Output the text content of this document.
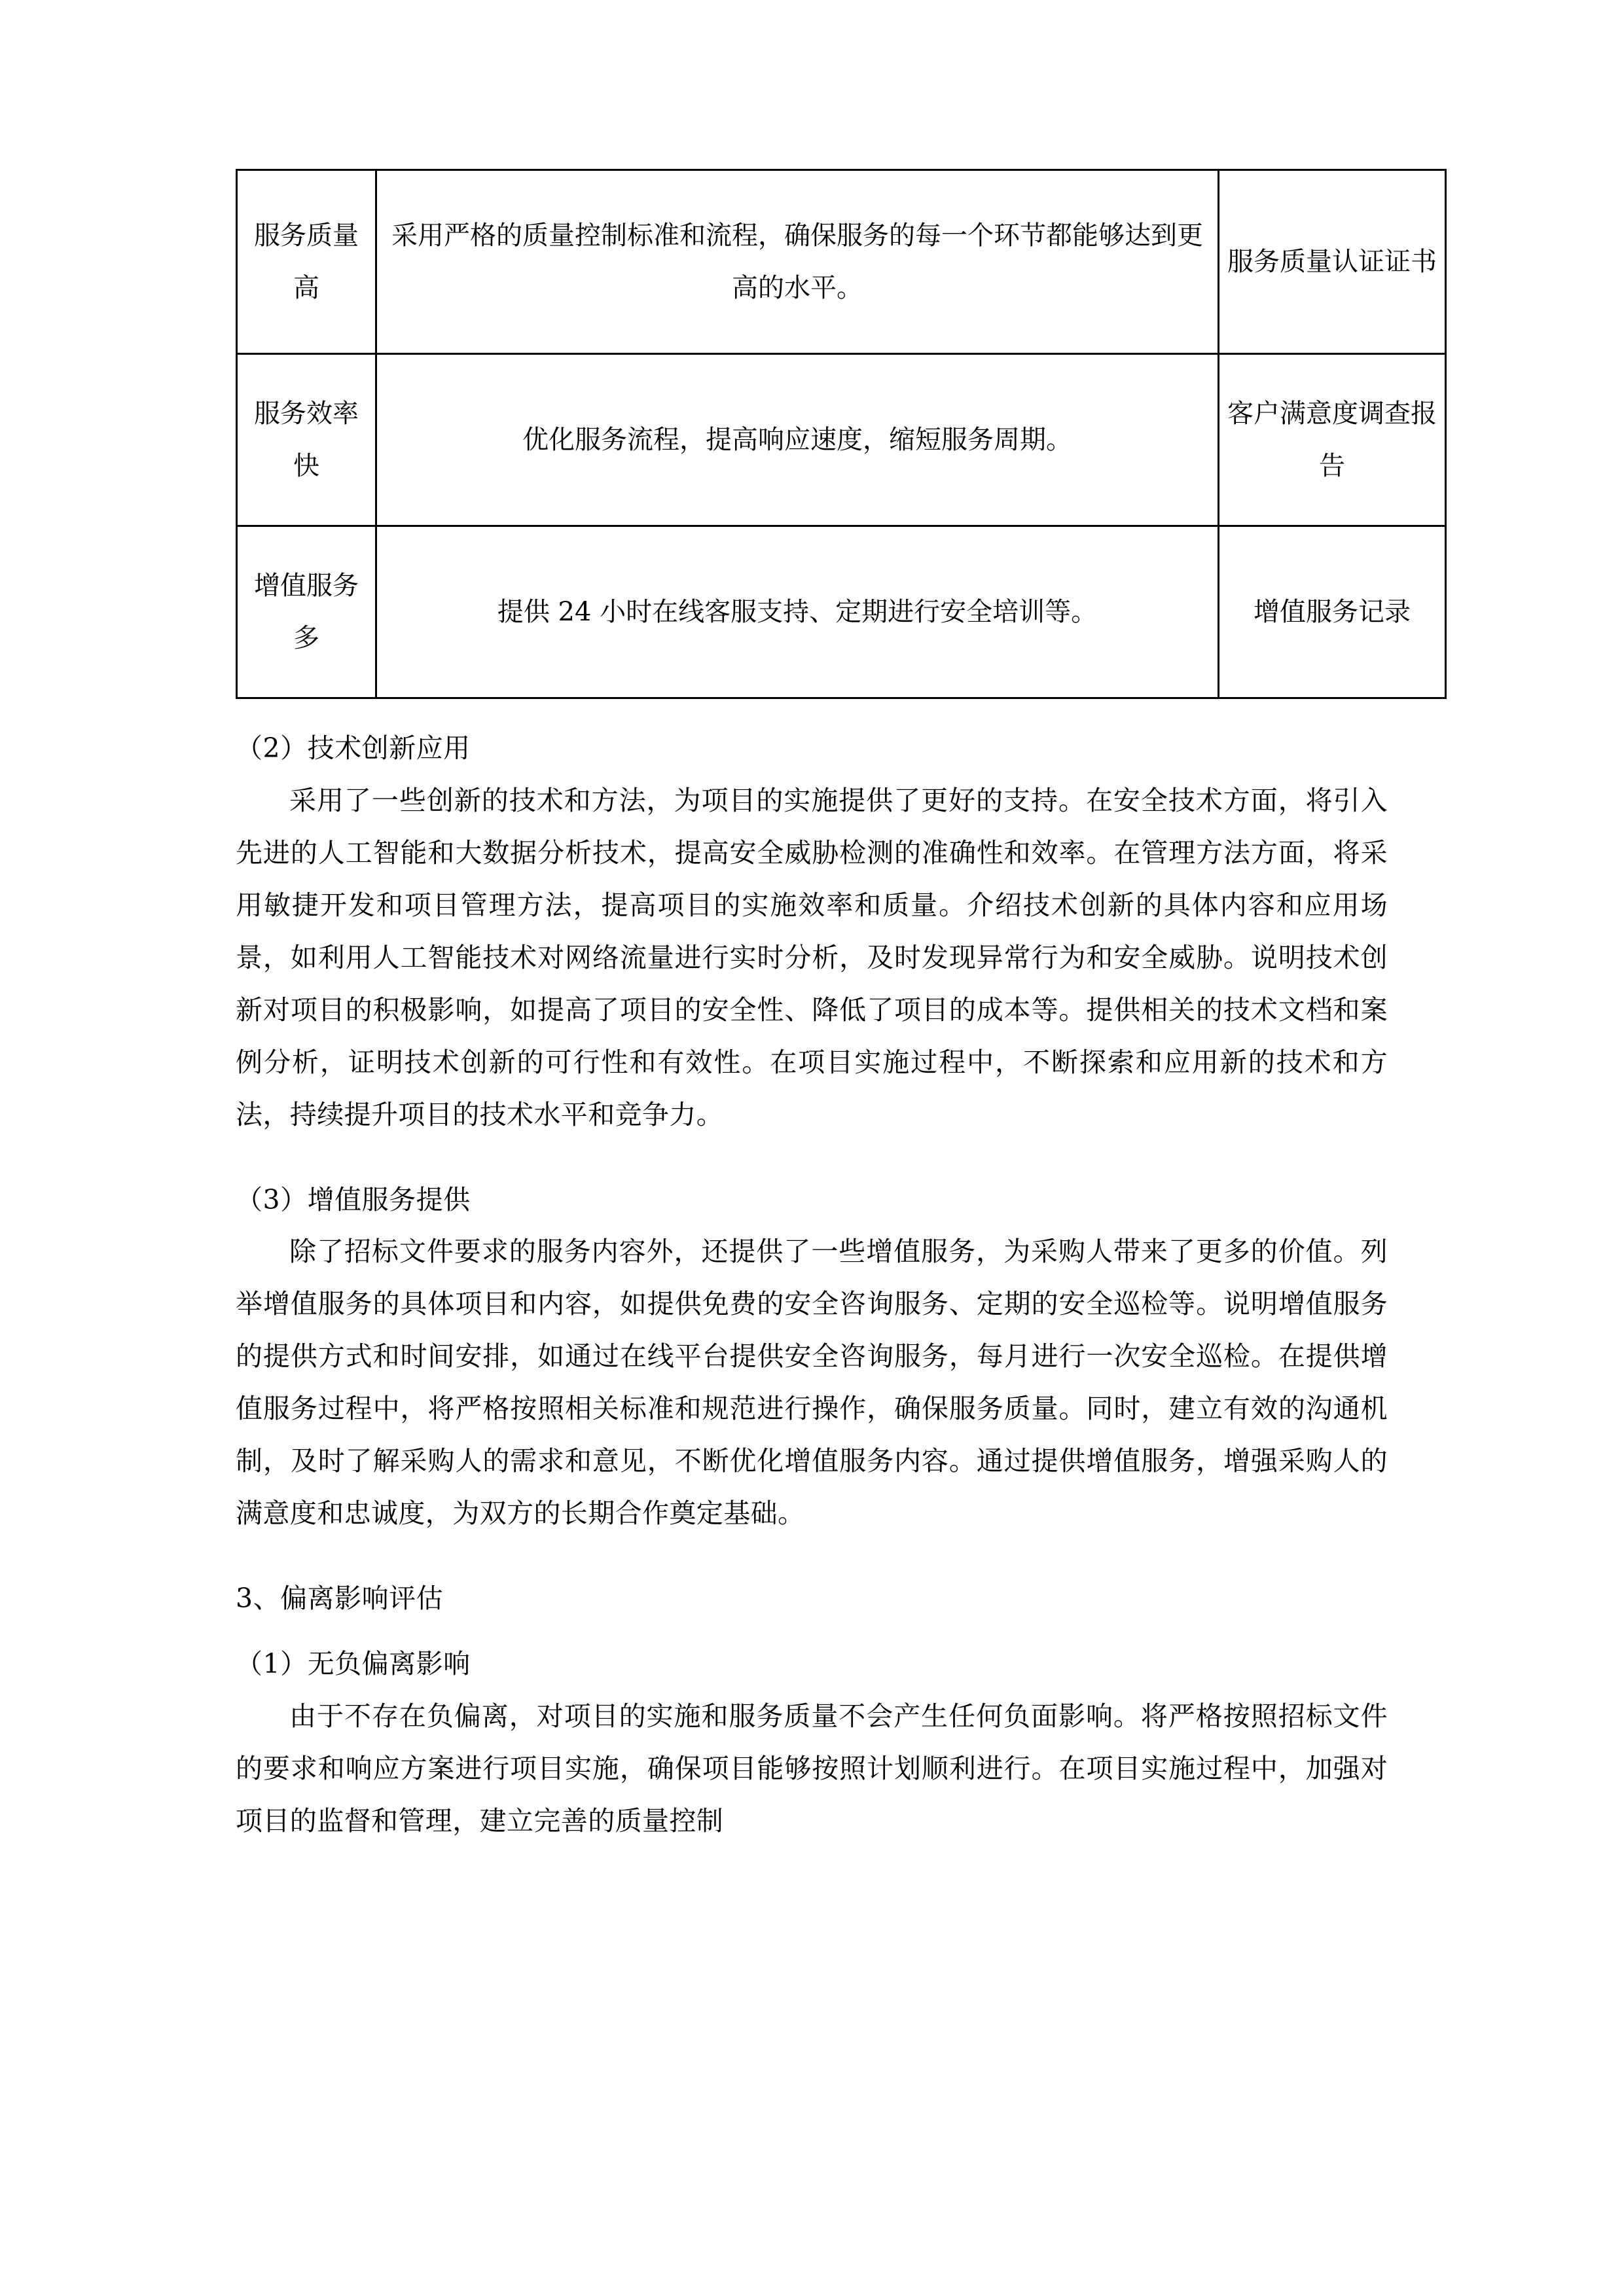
服务质量高	采用严格的质量控制标准和流程，确保服务的每一个环节都能够达到更高的水平。	服务质量认证证书

服务效率快	优化服务流程，提高响应速度，缩短服务周期。	客户满意度调查报告

增值服务多	提供 24 小时在线客服支持、定期进行安全培训等。	增值服务记录
（2）技术创新应用

采用了一些创新的技术和方法，为项目的实施提供了更好的支持。在安全技术方面，将引入先进的人工智能和大数据分析技术，提高安全威胁检测的准确性和效率。在管理方法方面，将采用敏捷开发和项目管理方法，提高项目的实施效率和质量。介绍技术创新的具体内容和应用场景，如利用人工智能技术对网络流量进行实时分析，及时发现异常行为和安全威胁。说明技术创新对项目的积极影响，如提高了项目的安全性、降低了项目的成本等。提供相关的技术文档和案例分析，证明技术创新的可行性和有效性。在项目实施过程中，不断探索和应用新的技术和方法，持续提升项目的技术水平和竞争力。

（3）增值服务提供

除了招标文件要求的服务内容外，还提供了一些增值服务，为采购人带来了更多的价值。列举增值服务的具体项目和内容，如提供免费的安全咨询服务、定期的安全巡检等。说明增值服务的提供方式和时间安排，如通过在线平台提供安全咨询服务，每月进行一次安全巡检。在提供增值服务过程中，将严格按照相关标准和规范进行操作，确保服务质量。同时，建立有效的沟通机制，及时了解采购人的需求和意见，不断优化增值服务内容。通过提供增值服务，增强采购人的满意度和忠诚度，为双方的长期合作奠定基础。

3、偏离影响评估
（1）无负偏离影响

由于不存在负偏离，对项目的实施和服务质量不会产生任何负面影响。将严格按照招标文件的要求和响应方案进行项目实施，确保项目能够按照计划顺利进行。在项目实施过程中，加强对项目的监督和管理，建立完善的质量控制
